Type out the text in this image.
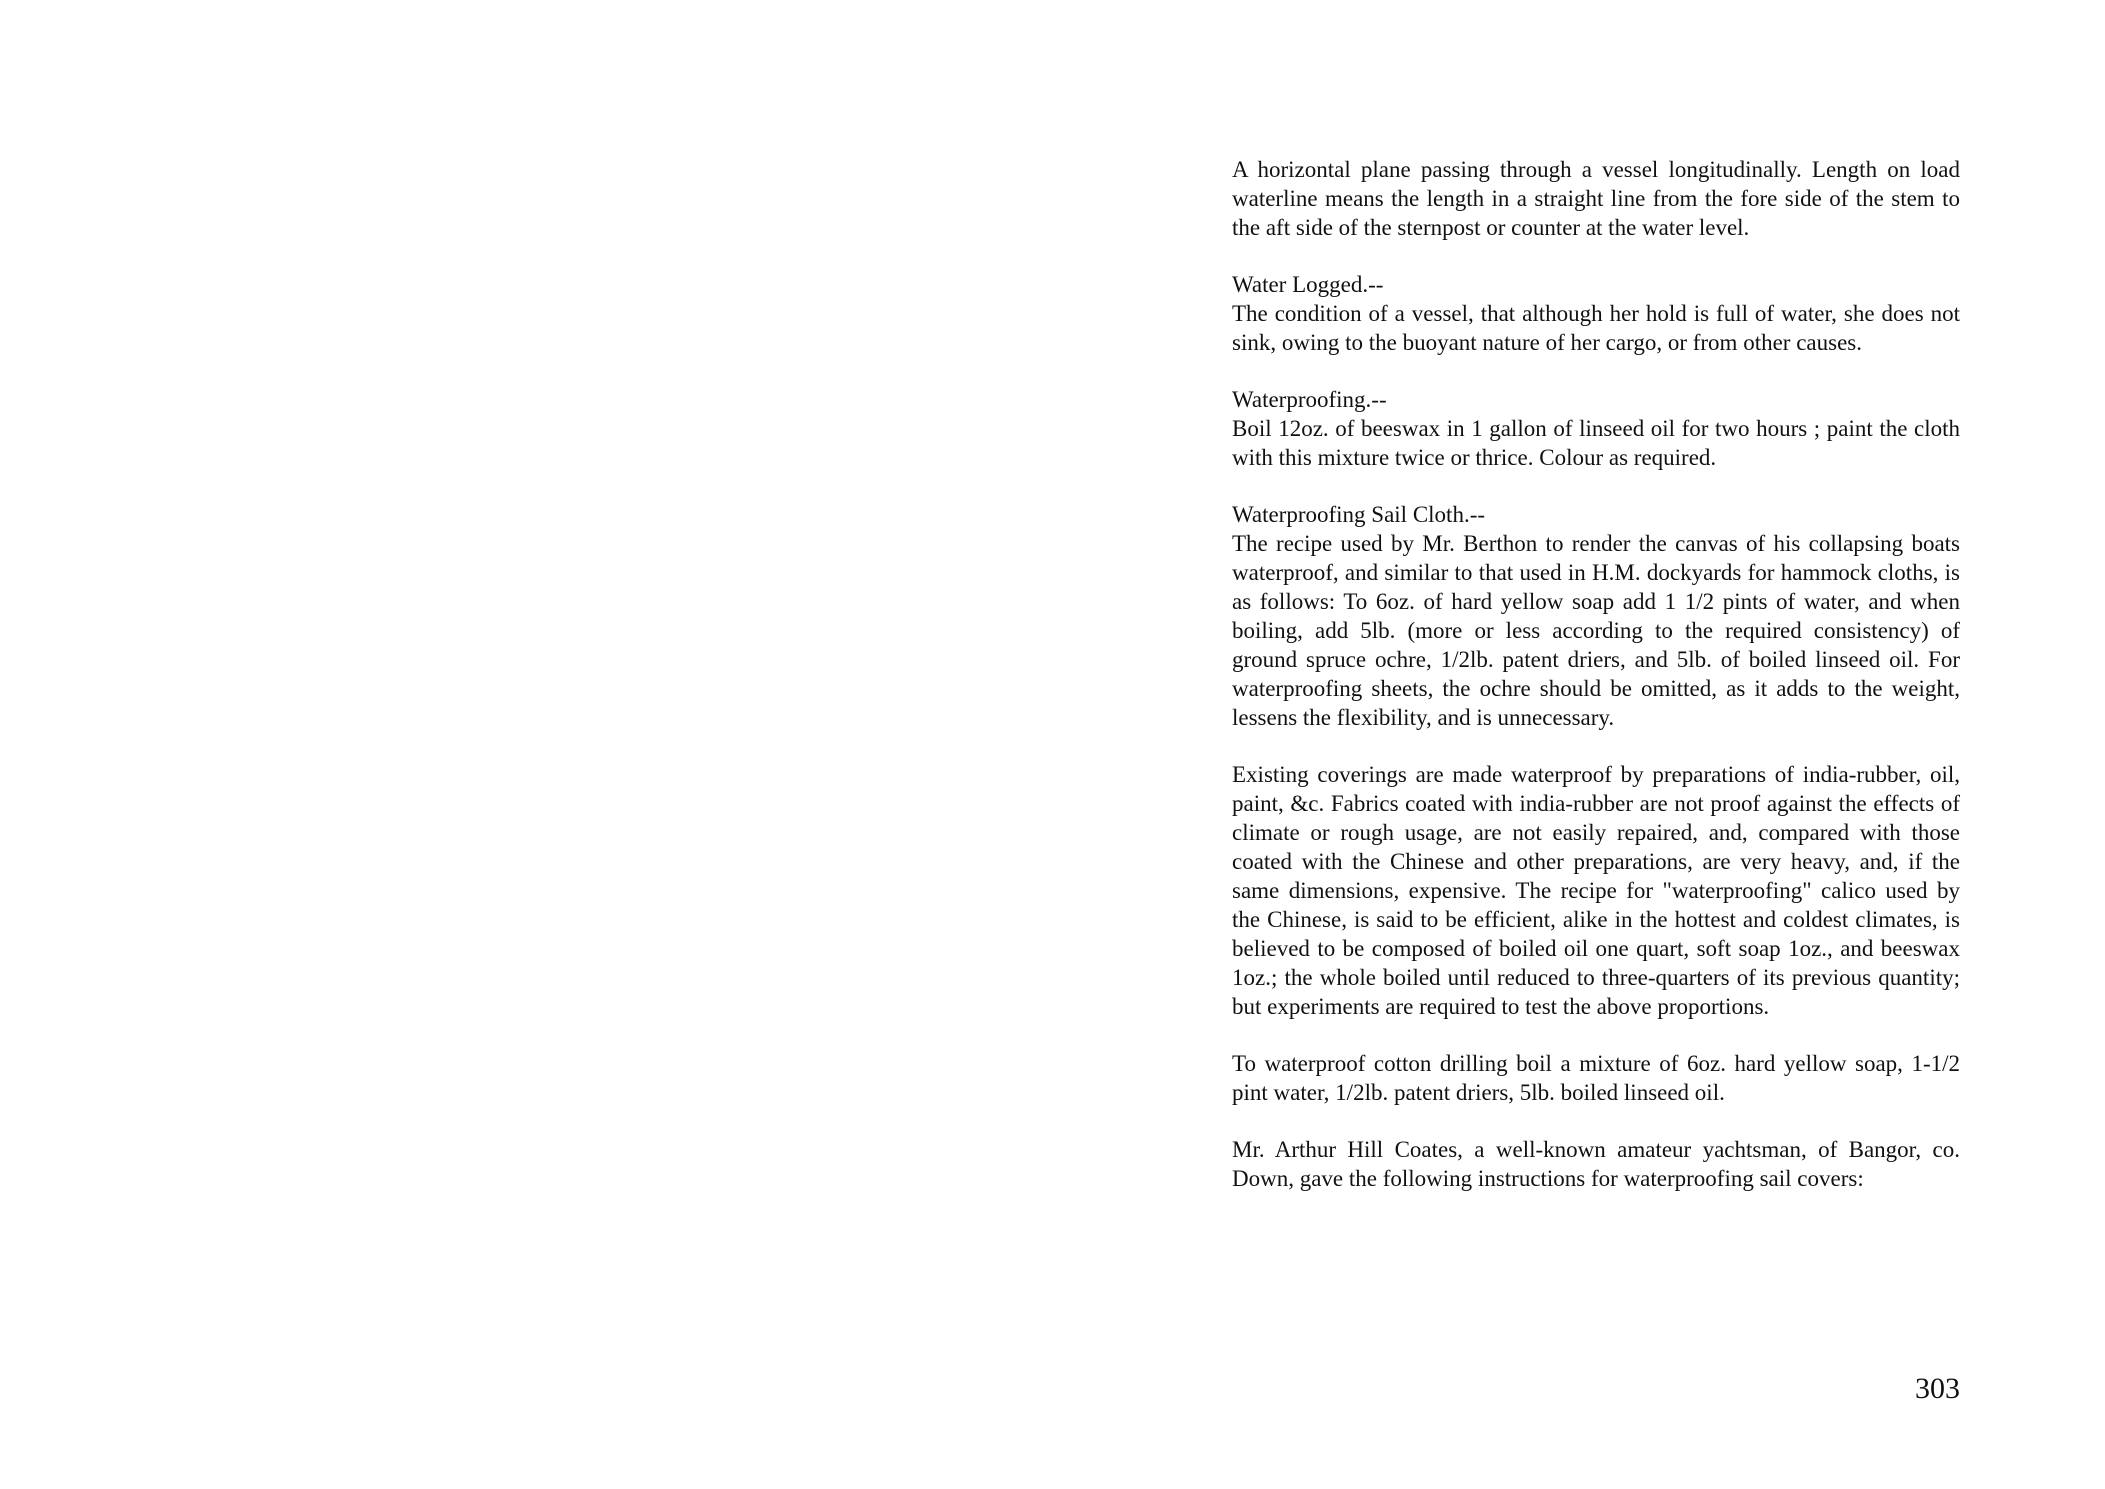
A horizontal plane passing through a vessel longitudinally. Length on load waterline means the length in a straight line from the fore side of the stem to the aft side of the sternpost or counter at the water level.

Water Logged.--

The condition of a vessel, that although her hold is full of water, she does not sink, owing to the buoyant nature of her cargo, or from other causes.

Waterproofing.--

Boil 12oz. of beeswax in 1 gallon of linseed oil for two hours ; paint the cloth with this mixture twice or thrice. Colour as required.

Waterproofing Sail Cloth.--

The recipe used by Mr. Berthon to render the canvas of his collapsing boats waterproof, and similar to that used in H.M. dockyards for hammock cloths, is as follows: To 6oz. of hard yellow soap add 1 1/2 pints of water, and when boiling, add 5lb. (more or less according to the required consistency) of ground spruce ochre, 1/2lb. patent driers, and 5lb. of boiled linseed oil. For waterproofing sheets, the ochre should be omitted, as it adds to the weight, lessens the flexibility, and is unnecessary.

Existing coverings are made waterproof by preparations of india-rubber, oil, paint, &c. Fabrics coated with india-rubber are not proof against the effects of climate or rough usage, are not easily repaired, and, compared with those coated with the Chinese and other preparations, are very heavy, and, if the same dimensions, expensive. The recipe for "waterproofing" calico used by the Chinese, is said to be efficient, alike in the hottest and coldest climates, is believed to be composed of boiled oil one quart, soft soap 1oz., and beeswax 1oz.; the whole boiled until reduced to three-quarters of its previous quantity; but experiments are required to test the above proportions.

To waterproof cotton drilling boil a mixture of 6oz. hard yellow soap, 1-1/2 pint water, 1/2lb. patent driers, 5lb. boiled linseed oil.

Mr. Arthur Hill Coates, a well-known amateur yachtsman, of Bangor, co. Down, gave the following instructions for waterproofing sail covers:

303
